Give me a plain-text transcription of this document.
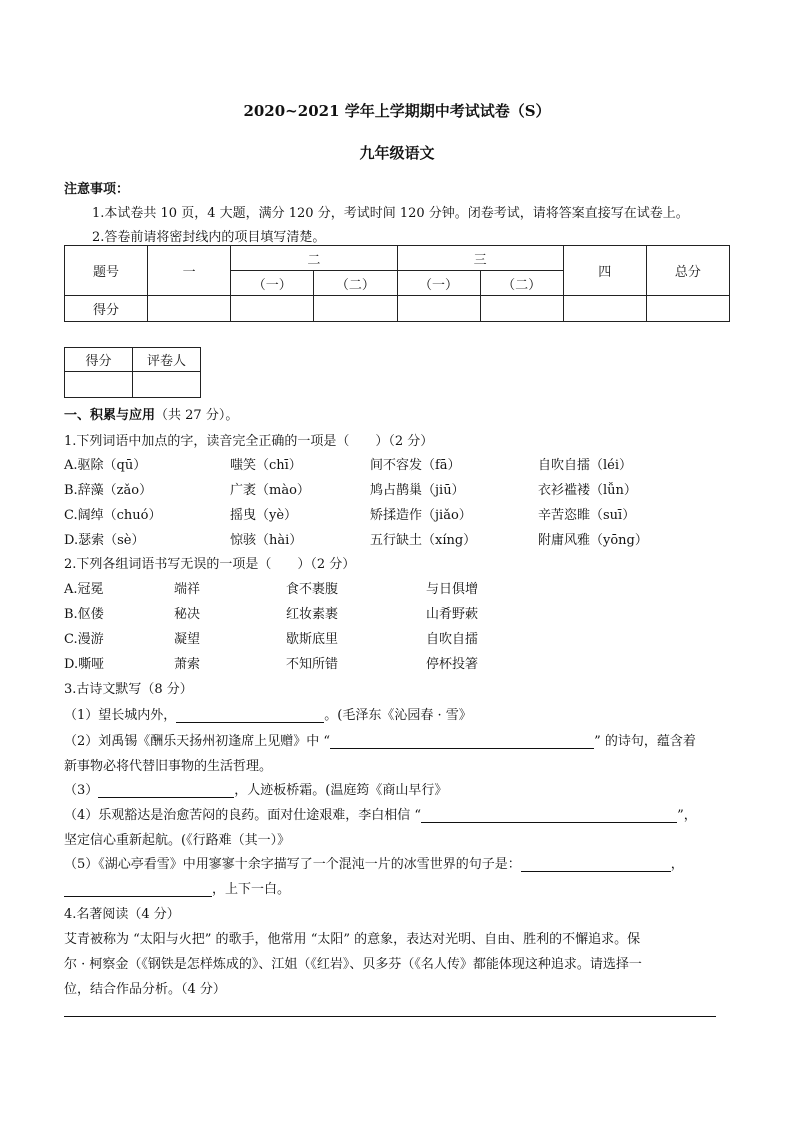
2020~2021 学年上学期期中考试试卷（S）
九年级语文
注意事项：
1.本试卷共 10 页，4 大题，满分 120 分，考试时间 120 分钟。闭卷考试，请将答案直接写在试卷上。
2.答卷前请将密封线内的项目填写清楚。
题号	一	二		三		四	总分
		（一）	（二）	（一）	（二）		
得分							
得分	评卷人

一、积累与应用（共 27 分）。
1.下列词语中加点的字，读音完全正确的一项是（　　）（2 分）
A.驱除（qū）	嗤笑（chī）	间不容发（fā）	自吹自擂（léi）
B.辞藻（zǎo）	广袤（mào）	鸠占鹊巢（jiū）	衣衫褴褛（lǚn）
C.阔绰（chuó）	摇曳（yè）	矫揉造作（jiǎo）	辛苦恣睢（suī）
D.瑟索（sè）	惊骇（hài）	五行缺土（xíng）	附庸风雅（yōng）
2.下列各组词语书写无误的一项是（　　）（2 分）
A.冠冕	端祥	食不裹腹	与日俱增
B.伛偻	秘决	红妆素裹	山肴野蔌
C.漫游	凝望	歇斯底里	自吹自擂
D.嘶哑	萧索	不知所错	停杯投箸
3.古诗文默写（8 分）
（1）望长城内外，	。(毛泽东《沁园春 · 雪》
（2）刘禹锡《酬乐天扬州初逢席上见赠》中 “	” 的诗句，蕴含着
新事物必将代替旧事物的生活哲理。
（3）	，人迹板桥霜。(温庭筠《商山早行》
（4）乐观豁达是治愈苦闷的良药。面对仕途艰难，李白相信 “	”，
坚定信心重新起航。(《行路难（其一）》
（5）《湖心亭看雪》中用寥寥十余字描写了一个混沌一片的冰雪世界的句子是：	，
，上下一白。
4.名著阅读（4 分）
艾青被称为 “太阳与火把” 的歌手，他常用 “太阳” 的意象，表达对光明、自由、胜利的不懈追求。保
尔 · 柯察金（《钢铁是怎样炼成的》、江姐（《红岩》、贝多芬（《名人传》都能体现这种追求。请选择一
位，结合作品分析。（4 分）
